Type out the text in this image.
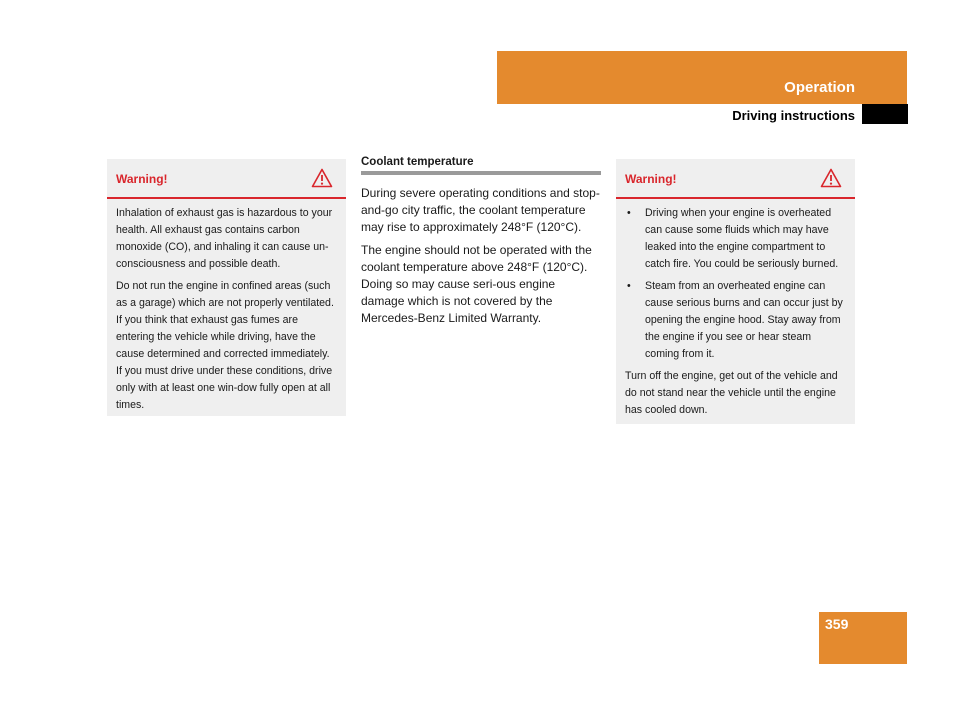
Operation
Driving instructions
Warning!

Inhalation of exhaust gas is hazardous to your health. All exhaust gas contains carbon monoxide (CO), and inhaling it can cause un-consciousness and possible death.

Do not run the engine in confined areas (such as a garage) which are not properly ventilated. If you think that exhaust gas fumes are entering the vehicle while driving, have the cause determined and corrected immediately. If you must drive under these conditions, drive only with at least one win-dow fully open at all times.

Coolant temperature

During severe operating conditions and stop-and-go city traffic, the coolant temperature may rise to approximately 248°F (120°C).

The engine should not be operated with the coolant temperature above 248°F (120°C). Doing so may cause seri-ous engine damage which is not covered by the Mercedes-Benz Limited Warranty.

Warning!
• Driving when your engine is overheated can cause some fluids which may have leaked into the engine compartment to catch fire. You could be seriously burned.
• Steam from an overheated engine can cause serious burns and can occur just by opening the engine hood. Stay away from the engine if you see or hear steam coming from it.

Turn off the engine, get out of the vehicle and do not stand near the vehicle until the engine has cooled down.

359
